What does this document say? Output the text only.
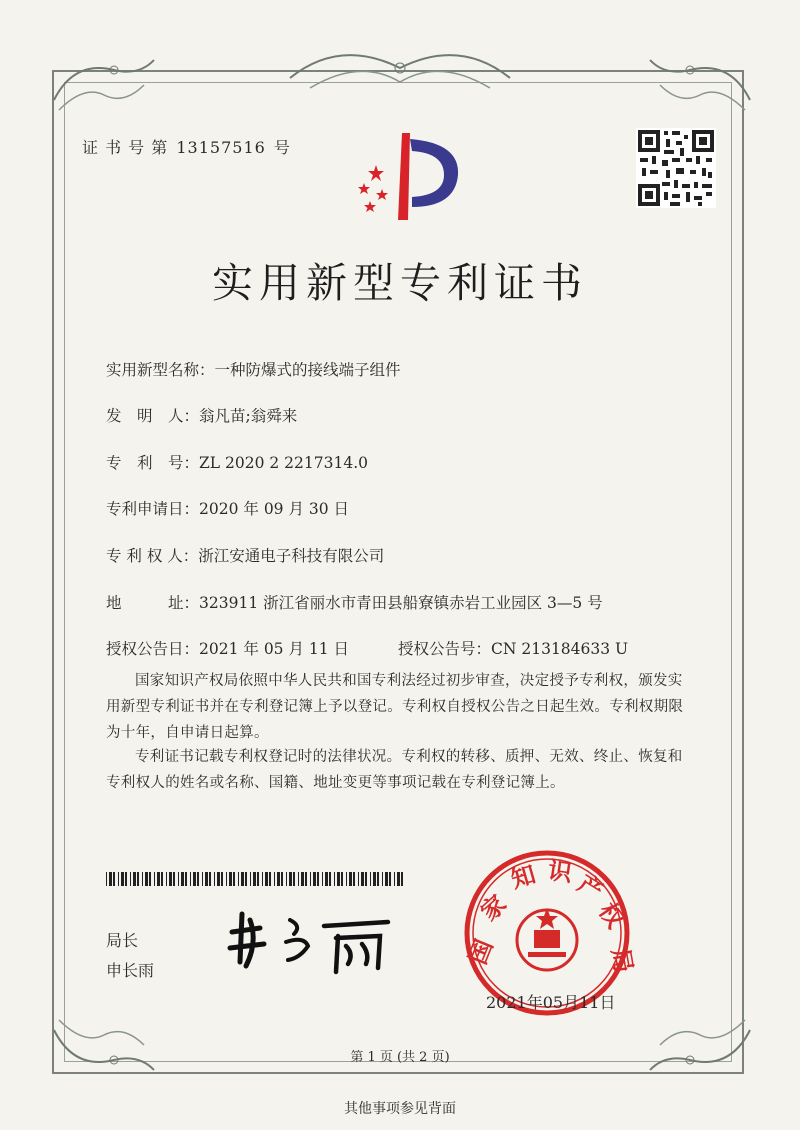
证 书 号 第 13157516 号
实用新型专利证书
实用新型名称：一种防爆式的接线端子组件
发　明　人：翁凡苗;翁舜来
专　利　号：ZL 2020 2 2217314.0
专利申请日：2020 年 09 月 30 日
专 利 权 人：浙江安通电子科技有限公司
地　　　址：323911 浙江省丽水市青田县船寮镇赤岩工业园区 3—5 号
授权公告日：2021 年 05 月 11 日	授权公告号：CN 213184633 U
国家知识产权局依照中华人民共和国专利法经过初步审查，决定授予专利权，颁发实用新型专利证书并在专利登记簿上予以登记。专利权自授权公告之日起生效。专利权期限为十年，自申请日起算。
专利证书记载专利权登记时的法律状况。专利权的转移、质押、无效、终止、恢复和专利权人的姓名或名称、国籍、地址变更等事项记载在专利登记簿上。
局长
申长雨
国
家
知 识
产
权
局
2021年05月11日
第 1 页 (共 2 页)
其他事项参见背面
